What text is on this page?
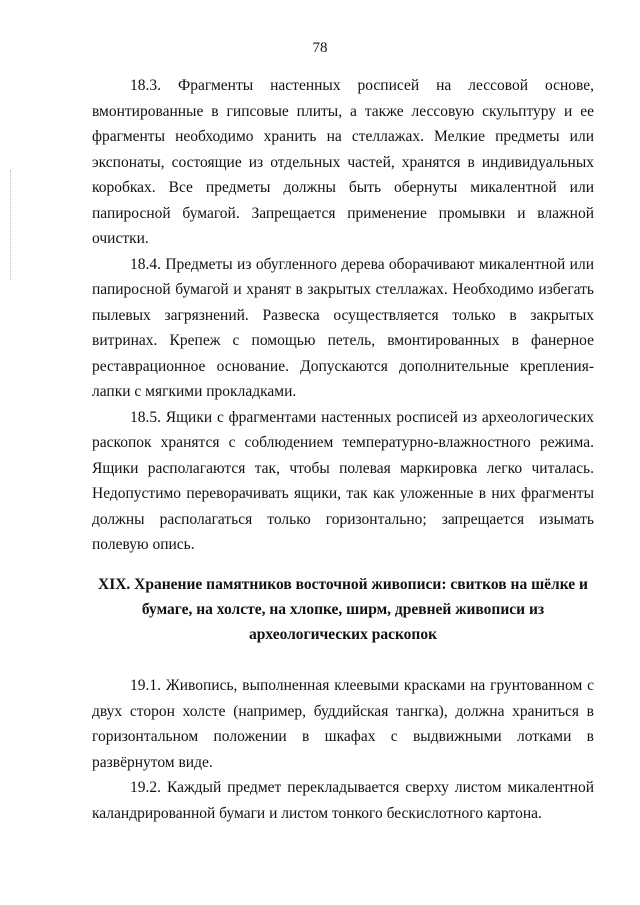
78

18.3. Фрагменты настенных росписей на лессовой основе, вмонтированные в гипсовые плиты, а также лессовую скульптуру и ее фрагменты необходимо хранить на стеллажах. Мелкие предметы или экспонаты, состоящие из отдельных частей, хранятся в индивидуальных коробках. Все предметы должны быть обернуты микалентной или папиросной бумагой. Запрещается применение промывки и влажной очистки.

18.4. Предметы из обугленного дерева оборачивают микалентной или папиросной бумагой и хранят в закрытых стеллажах. Необходимо избегать пылевых загрязнений. Развеска осуществляется только в закрытых витринах. Крепеж с помощью петель, вмонтированных в фанерное реставрационное основание. Допускаются дополнительные крепления-лапки с мягкими прокладками.

18.5. Ящики с фрагментами настенных росписей из археологических раскопок хранятся с соблюдением температурно-влажностного режима. Ящики располагаются так, чтобы полевая маркировка легко читалась. Недопустимо переворачивать ящики, так как уложенные в них фрагменты должны располагаться только горизонтально; запрещается изымать полевую опись.

XIX. Хранение памятников восточной живописи: свитков на шёлке и бумаге, на холсте, на хлопке, ширм, древней живописи из археологических раскопок

19.1. Живопись, выполненная клеевыми красками на грунтованном с двух сторон холсте (например, буддийская тангка), должна храниться в горизонтальном положении в шкафах с выдвижными лотками в развёрнутом виде.

19.2. Каждый предмет перекладывается сверху листом микалентной каландрированной бумаги и листом тонкого бескислотного картона.
